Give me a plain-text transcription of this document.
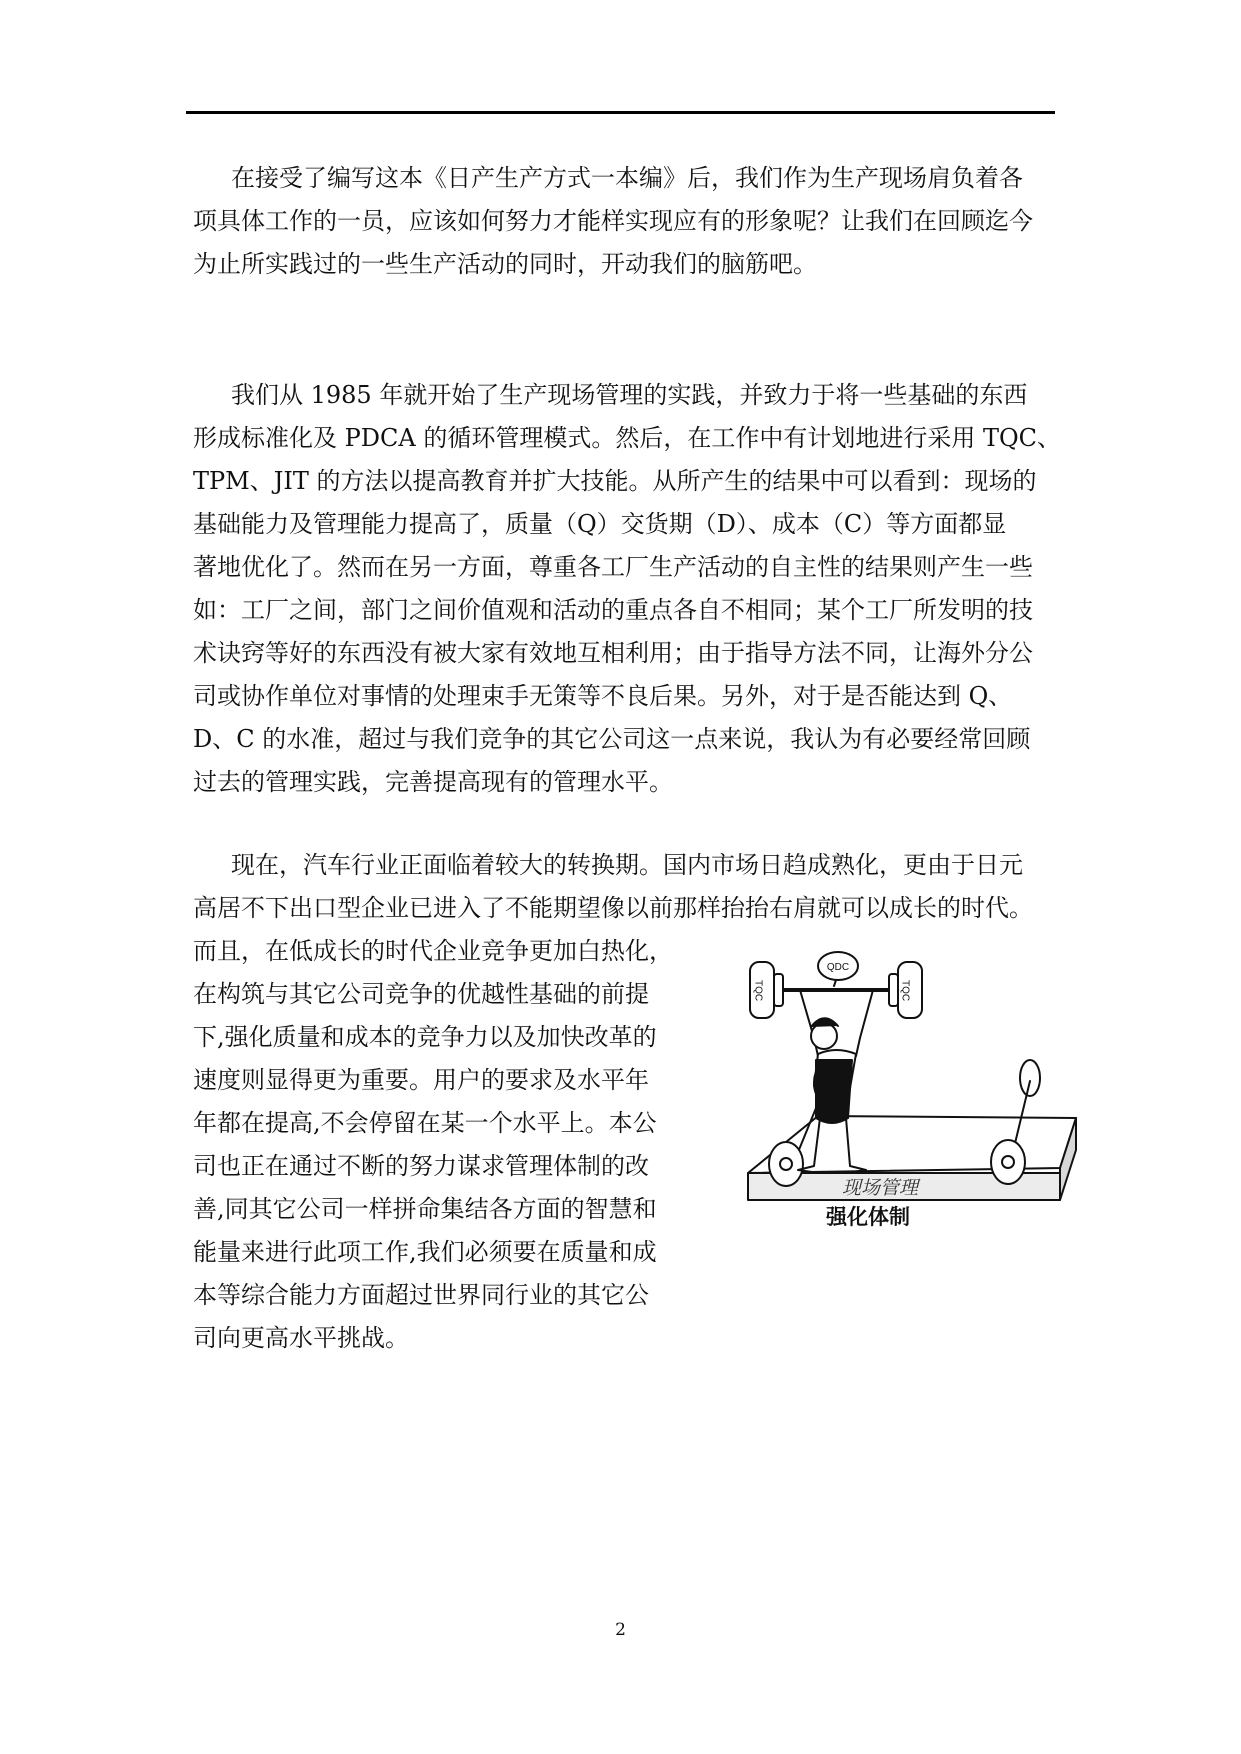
在接受了编写这本《日产生产方式一本编》后，我们作为生产现场肩负着各
项具体工作的一员，应该如何努力才能样实现应有的形象呢？让我们在回顾迄今
为止所实践过的一些生产活动的同时，开动我们的脑筋吧。
我们从 1985 年就开始了生产现场管理的实践，并致力于将一些基础的东西
形成标准化及 PDCA 的循环管理模式。然后，在工作中有计划地进行采用 TQC、
TPM、JIT 的方法以提高教育并扩大技能。从所产生的结果中可以看到：现场的
基础能力及管理能力提高了，质量（Q）交货期（D）、成本（C）等方面都显
著地优化了。然而在另一方面，尊重各工厂生产活动的自主性的结果则产生一些
如：工厂之间，部门之间价值观和活动的重点各自不相同；某个工厂所发明的技
术诀窍等好的东西没有被大家有效地互相利用；由于指导方法不同，让海外分公
司或协作单位对事情的处理束手无策等不良后果。另外，对于是否能达到 Q、
D、C 的水准，超过与我们竞争的其它公司这一点来说，我认为有必要经常回顾
过去的管理实践，完善提高现有的管理水平。
现在，汽车行业正面临着较大的转换期。国内市场日趋成熟化，更由于日元
高居不下出口型企业已进入了不能期望像以前那样抬抬右肩就可以成长的时代。
而且，在低成长的时代企业竞争更加白热化，
在构筑与其它公司竞争的优越性基础的前提
下,强化质量和成本的竞争力以及加快改革的
速度则显得更为重要。用户的要求及水平年
年都在提高,不会停留在某一个水平上。本公
司也正在通过不断的努力谋求管理体制的改
善,同其它公司一样拼命集结各方面的智慧和
能量来进行此项工作,我们必须要在质量和成
本等综合能力方面超过世界同行业的其它公
司向更高水平挑战。
现场管理
强化体制
QDC
TQC	TQC
2
